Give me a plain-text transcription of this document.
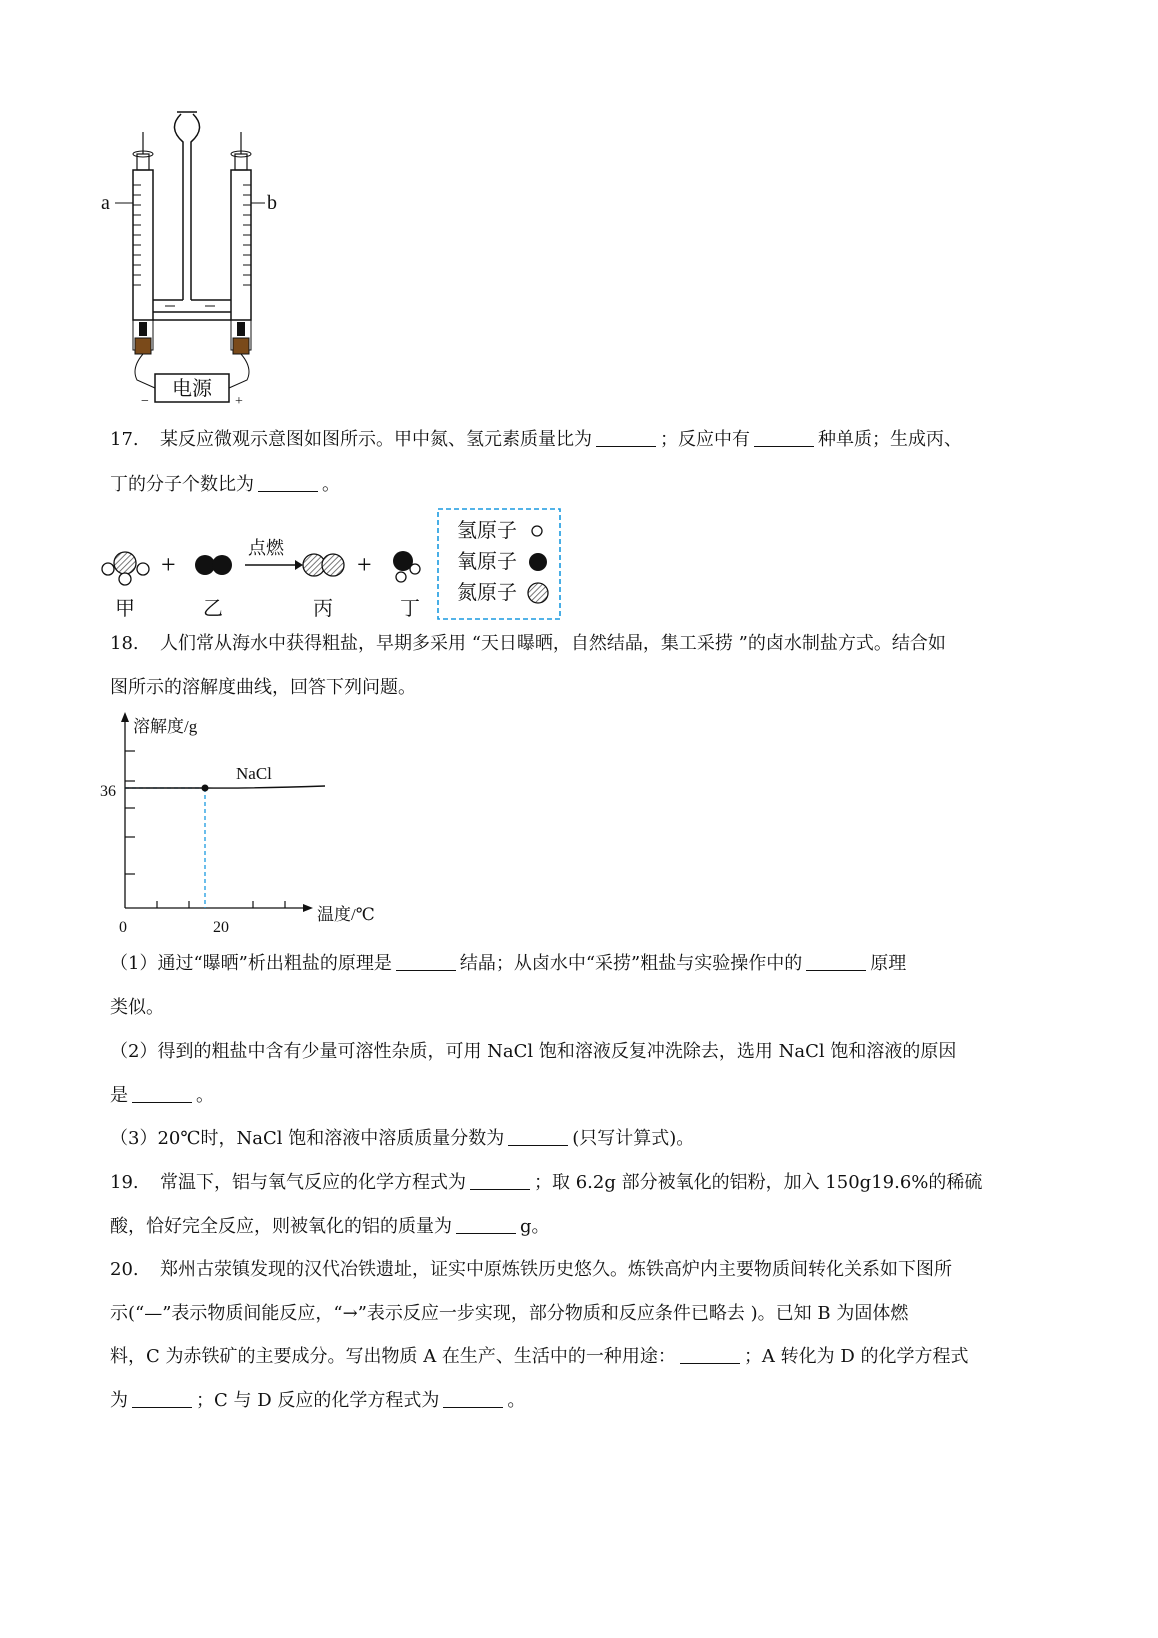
电源
−	+
a	b
17. 某反应微观示意图如图所示。甲中氮、氢元素质量比为	；反应中有	种单质；生成丙、
丁的分子个数比为	。
+
点燃
+
甲	乙	丙	丁
氢原子
氧原子
氮原子
18. 人们常从海水中获得粗盐，早期多采用 “天日曝晒，自然结晶，集工采捞 ”的卤水制盐方式。结合如
图所示的溶解度曲线，回答下列问题。
溶解度/g
温度/℃
0	20
36
NaCl
（1）通过“曝晒”析出粗盐的原理是	结晶；从卤水中“采捞”粗盐与实验操作中的	原理
类似。
（2）得到的粗盐中含有少量可溶性杂质，可用 NaCl 饱和溶液反复冲洗除去，选用 NaCl 饱和溶液的原因
是	。
（3）20℃时，NaCl 饱和溶液中溶质质量分数为	(只写计算式)。
19. 常温下，铝与氧气反应的化学方程式为	；取 6.2g 部分被氧化的铝粉，加入 150g19.6%的稀硫
酸，恰好完全反应，则被氧化的铝的质量为	g。
20. 郑州古荥镇发现的汉代冶铁遗址，证实中原炼铁历史悠久。炼铁高炉内主要物质间转化关系如下图所
示(“—”表示物质间能反应，“→”表示反应一步实现，部分物质和反应条件已略去 )。已知 B 为固体燃
料，C 为赤铁矿的主要成分。写出物质 A 在生产、生活中的一种用途：	；A 转化为 D 的化学方程式
为	；C 与 D 反应的化学方程式为	。
